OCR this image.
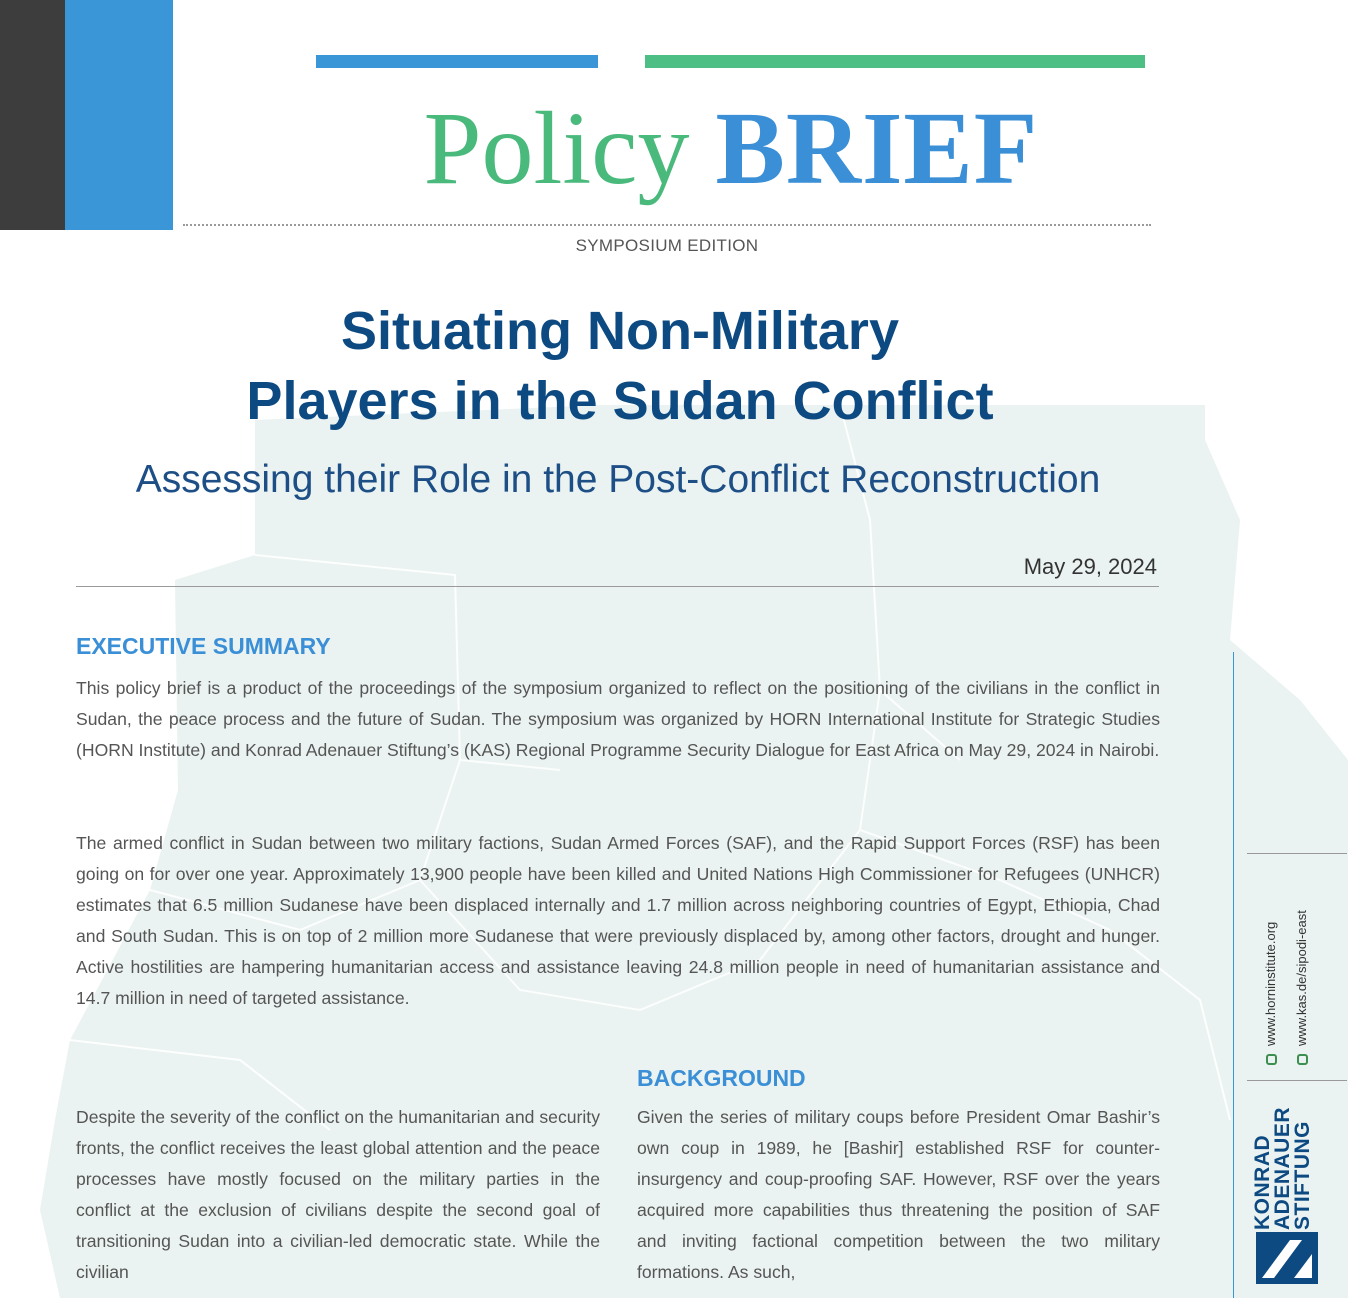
Policy BRIEF
SYMPOSIUM EDITION
Situating Non-Military
Players in the Sudan Conflict
Assessing their Role in the Post-Conflict Reconstruction
May 29, 2024
EXECUTIVE SUMMARY

This policy brief is a product of the proceedings of the symposium organized to reflect on the positioning of the civilians in the conflict in Sudan, the peace process and the future of Sudan. The symposium was organized by HORN International Institute for Strategic Studies (HORN Institute) and Konrad Adenauer Stiftung’s (KAS) Regional Programme Security Dialogue for East Africa on May 29, 2024 in Nairobi.

The armed conflict in Sudan between two military factions, Sudan Armed Forces (SAF), and the Rapid Support Forces (RSF) has been going on for over one year. Approximately 13,900 people have been killed and United Nations High Commissioner for Refugees (UNHCR) estimates that 6.5 million Sudanese have been displaced internally and 1.7 million across neighboring countries of Egypt, Ethiopia, Chad and South Sudan. This is on top of 2 million more Sudanese that were previously displaced by, among other factors, drought and hunger. Active hostilities are hampering humanitarian access and assistance leaving 24.8 million people in need of humanitarian assistance and 14.7 million in need of targeted assistance.

Despite the severity of the conflict on the humanitarian and security fronts, the conflict receives the least global attention and the peace processes have mostly focused on the military parties in the conflict at the exclusion of civilians despite the second goal of transitioning Sudan into a civilian-led democratic state. While the civilian

BACKGROUND

Given the series of military coups before President Omar Bashir’s own coup in 1989, he [Bashir] established RSF for counter-insurgency and coup-proofing SAF. However, RSF over the years acquired more capabilities thus threatening the position of SAF and inviting factional competition between the two military formations. As such,

www.horninstitute.org	www.kas.de/sipodi-east
KONRAD
ADENAUER
STIFTUNG
